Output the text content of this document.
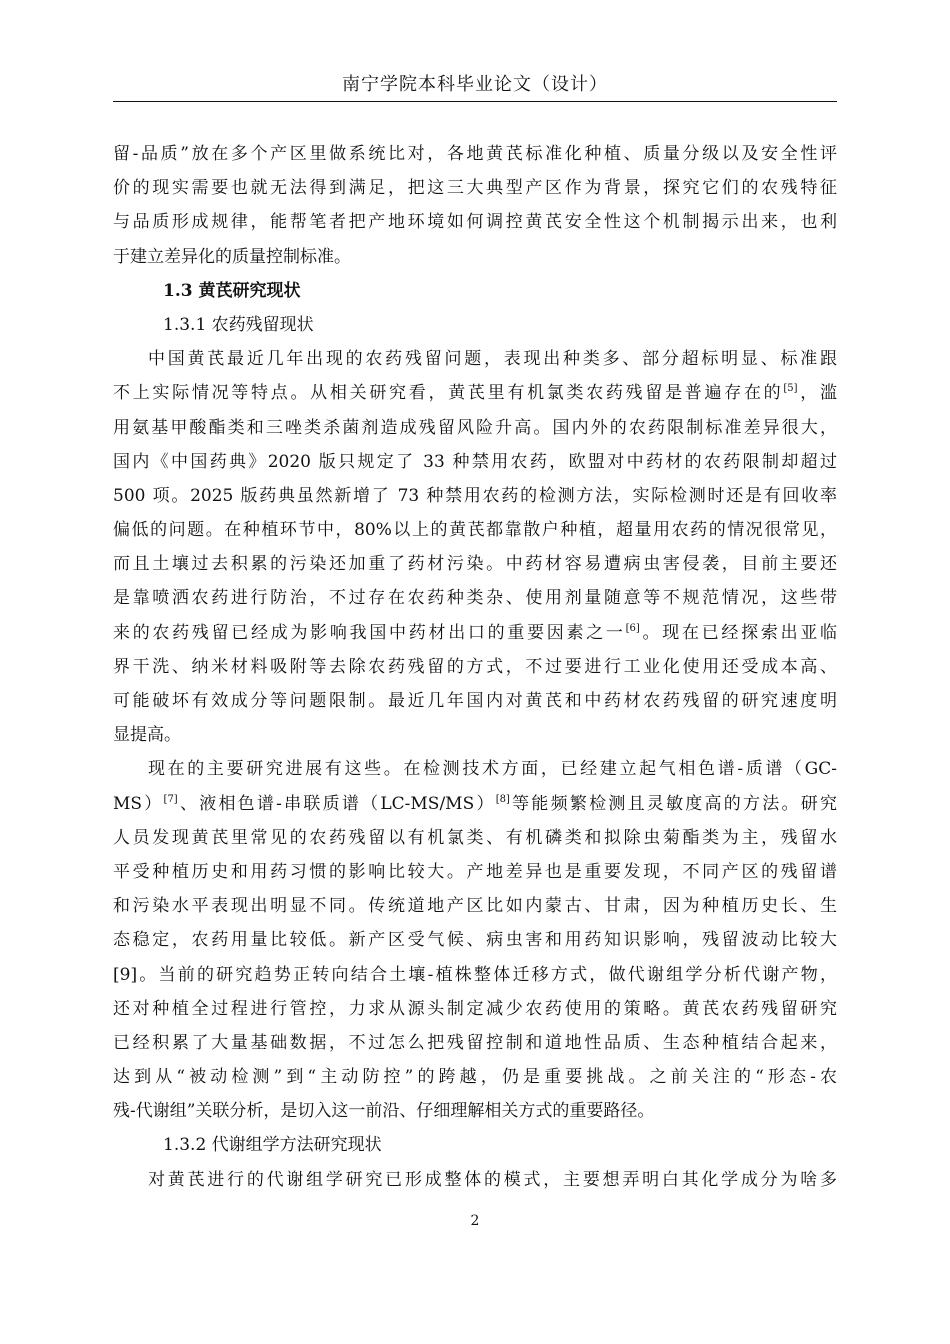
南宁学院本科毕业论文（设计）
留-品质”放在多个产区里做系统比对，各地黄芪标准化种植、质量分级以及安全性评
价的现实需要也就无法得到满足，把这三大典型产区作为背景，探究它们的农残特征
与品质形成规律，能帮笔者把产地环境如何调控黄芪安全性这个机制揭示出来，也利
于建立差异化的质量控制标准。
1.3 黄芪研究现状
1.3.1 农药残留现状
中国黄芪最近几年出现的农药残留问题，表现出种类多、部分超标明显、标准跟
不上实际情况等特点。从相关研究看，黄芪里有机氯类农药残留是普遍存在的[5]，滥
用氨基甲酸酯类和三唑类杀菌剂造成残留风险升高。国内外的农药限制标准差异很大，
国内《中国药典》2020 版只规定了 33 种禁用农药，欧盟对中药材的农药限制却超过
500 项。2025 版药典虽然新增了 73 种禁用农药的检测方法，实际检测时还是有回收率
偏低的问题。在种植环节中，80%以上的黄芪都靠散户种植，超量用农药的情况很常见，
而且土壤过去积累的污染还加重了药材污染。中药材容易遭病虫害侵袭，目前主要还
是靠喷洒农药进行防治，不过存在农药种类杂、使用剂量随意等不规范情况，这些带
来的农药残留已经成为影响我国中药材出口的重要因素之一[6]。现在已经探索出亚临
界干洗、纳米材料吸附等去除农药残留的方式，不过要进行工业化使用还受成本高、
可能破坏有效成分等问题限制。最近几年国内对黄芪和中药材农药残留的研究速度明
显提高。
现在的主要研究进展有这些。在检测技术方面，已经建立起气相色谱-质谱（GC-
MS）[7]、液相色谱-串联质谱（LC-MS/MS）[8]等能频繁检测且灵敏度高的方法。研究
人员发现黄芪里常见的农药残留以有机氯类、有机磷类和拟除虫菊酯类为主，残留水
平受种植历史和用药习惯的影响比较大。产地差异也是重要发现，不同产区的残留谱
和污染水平表现出明显不同。传统道地产区比如内蒙古、甘肃，因为种植历史长、生
态稳定，农药用量比较低。新产区受气候、病虫害和用药知识影响，残留波动比较大
[9]。当前的研究趋势正转向结合土壤-植株整体迁移方式，做代谢组学分析代谢产物，
还对种植全过程进行管控，力求从源头制定减少农药使用的策略。黄芪农药残留研究
已经积累了大量基础数据，不过怎么把残留控制和道地性品质、生态种植结合起来，
达到从“被动检测”到“主动防控”的跨越，仍是重要挑战。之前关注的“形态-农
残-代谢组”关联分析，是切入这一前沿、仔细理解相关方式的重要路径。
1.3.2 代谢组学方法研究现状
对黄芪进行的代谢组学研究已形成整体的模式，主要想弄明白其化学成分为啥多
2
